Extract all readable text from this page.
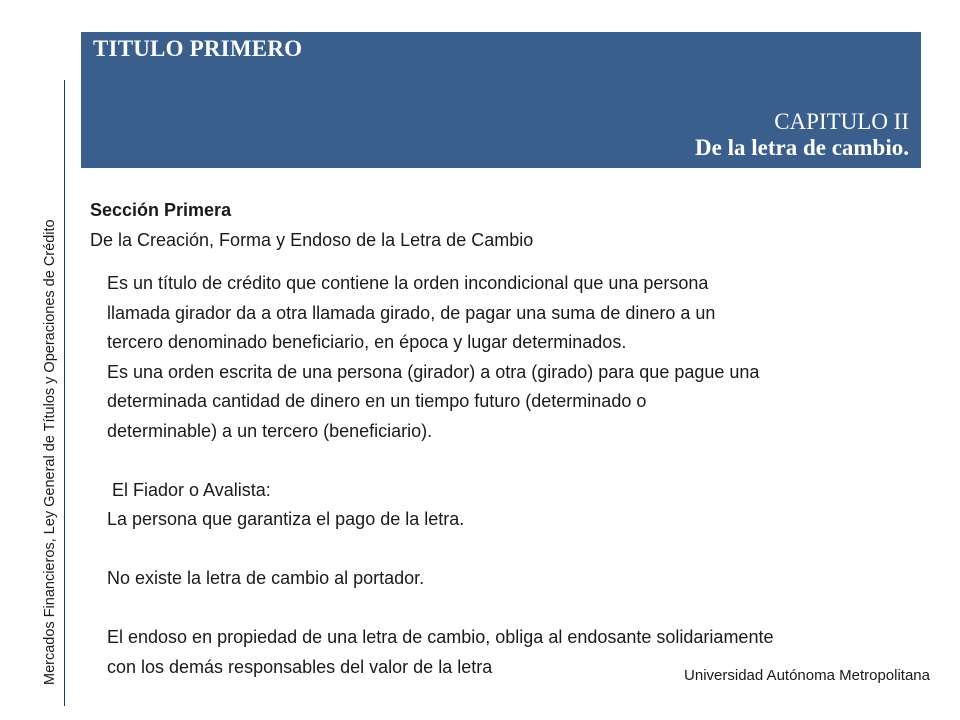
Mercados Financieros, Ley General de Títulos y Operaciones de Crédito
TITULO PRIMERO
CAPITULO II
De la letra de cambio.
Sección Primera
De la Creación, Forma y Endoso de la Letra de Cambio

Es un título de crédito que contiene la orden incondicional que una persona

llamada girador da a otra llamada girado, de pagar una suma de dinero a un

tercero denominado beneficiario, en época y lugar determinados.

Es una orden escrita de una persona (girador) a otra (girado) para que pague una

determinada cantidad de dinero en un tiempo futuro (determinado o

determinable) a un tercero (beneficiario).

El Fiador o Avalista:

La persona que garantiza el pago de la letra.

No existe la letra de cambio al portador.

El endoso en propiedad de una letra de cambio, obliga al endosante solidariamente

con los demás responsables del valor de la letra	Universidad Autónoma Metropolitana
